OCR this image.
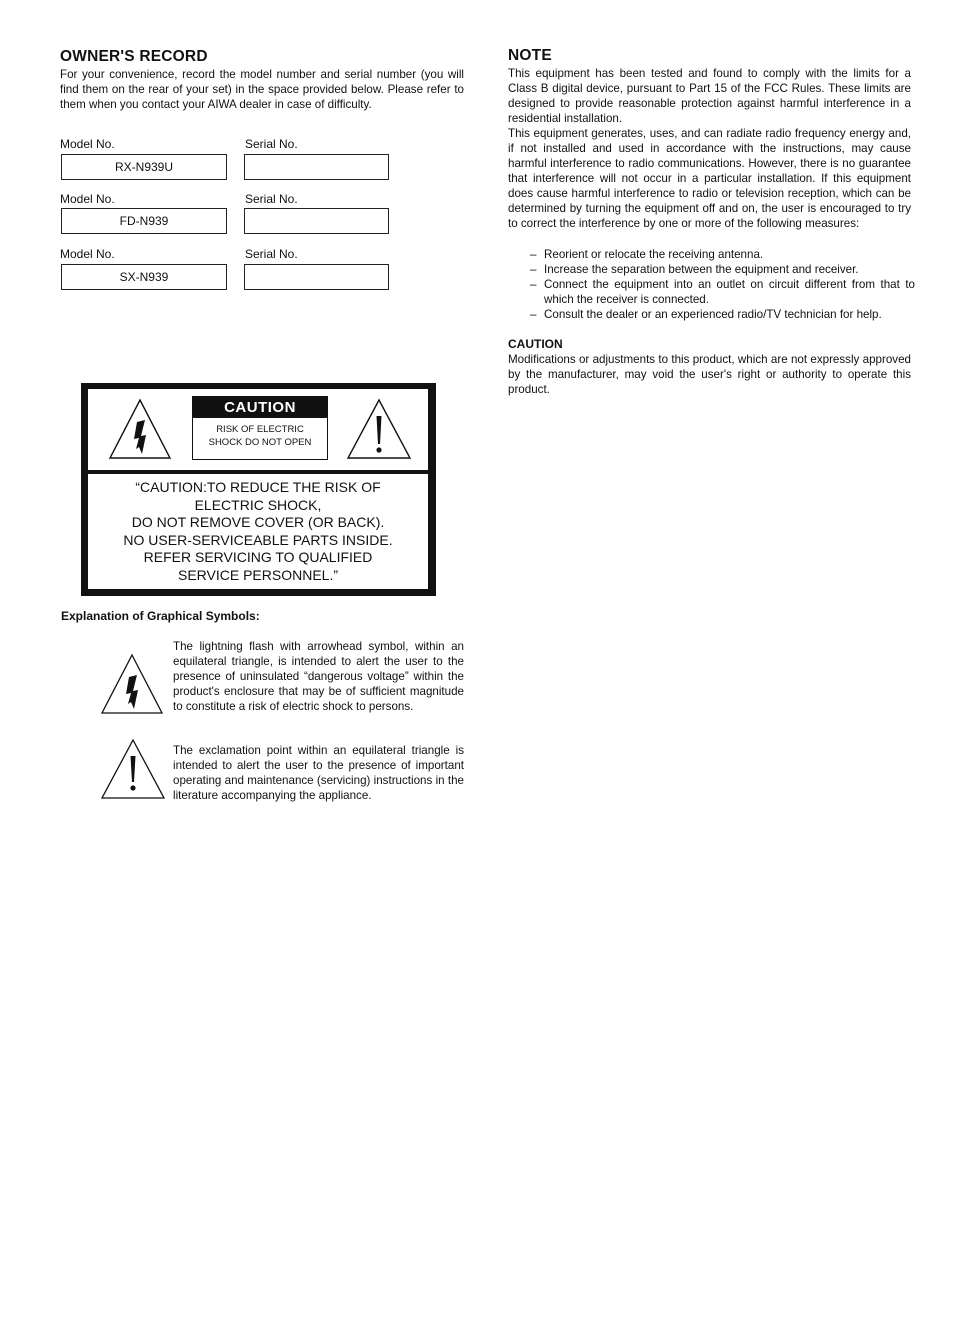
OWNER'S RECORD

For your convenience, record the model number and serial number (you will find them on the rear of your set) in the space provided below. Please refer to them when you contact your AIWA dealer in case of difficulty.

Model No.	Serial No.
RX-N939U
Model No.	Serial No.
FD-N939
Model No.	Serial No.
SX-N939
CAUTION
RISK OF ELECTRIC
SHOCK DO NOT OPEN
“CAUTION:TO REDUCE THE RISK OF
ELECTRIC SHOCK,
DO NOT REMOVE COVER (OR BACK).
NO USER-SERVICEABLE PARTS INSIDE.
REFER SERVICING TO QUALIFIED
SERVICE PERSONNEL.”
Explanation of Graphical Symbols:

The lightning flash with arrowhead symbol, within an equilateral triangle, is intended to alert the user to the presence of uninsulated “dangerous voltage” within the product's enclosure that may be of sufficient magnitude to constitute a risk of electric shock to persons.

The exclamation point within an equilateral triangle is intended to alert the user to the presence of important operating and maintenance (servicing) instructions in the literature accompanying the appliance.

NOTE

This equipment has been tested and found to comply with the limits for a Class B digital device, pursuant to Part 15 of the FCC Rules. These limits are designed to provide reasonable protection against harmful interference in a residential installation.

This equipment generates, uses, and can radiate radio frequency energy and, if not installed and used in accordance with the instructions, may cause harmful interference to radio communications. However, there is no guarantee that interference will not occur in a particular installation. If this equipment does cause harmful interference to radio or television reception, which can be determined by turning the equipment off and on, the user is encouraged to try to correct the interference by one or more of the following measures:

– Reorient or relocate the receiving antenna.
– Increase the separation between the equipment and receiver.
– Connect the equipment into an outlet on circuit different from that to which the receiver is connected.
– Consult the dealer or an experienced radio/TV technician for help.
CAUTION

Modifications or adjustments to this product, which are not expressly approved by the manufacturer, may void the user's right or authority to operate this product.
